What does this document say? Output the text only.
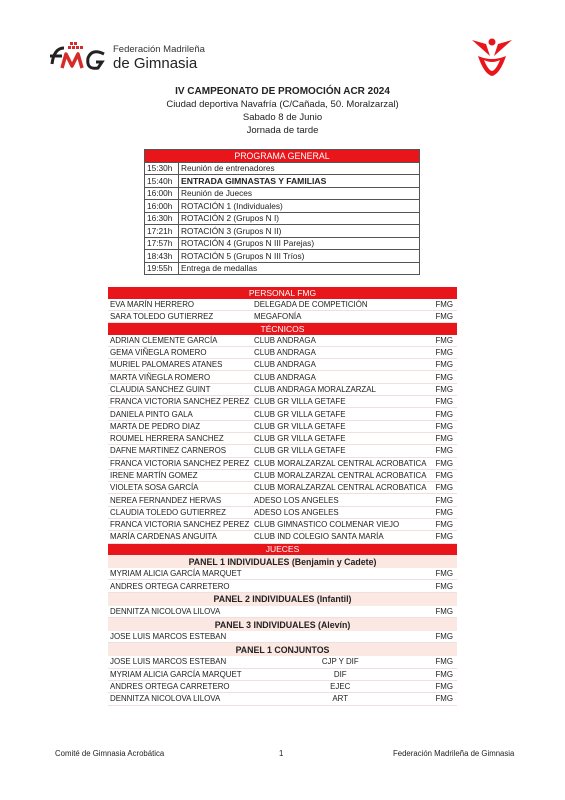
Federación Madrileña
de Gimnasia
IV CAMPEONATO DE PROMOCIÓN ACR 2024
Ciudad deportiva Navafría (C/Cañada, 50. Moralzarzal)
Sabado 8 de Junio
Jornada de tarde
PROGRAMA GENERAL	
15:30h	Reunión de entrenadores
15:40h	ENTRADA GIMNASTAS Y FAMILIAS
16:00h	Reunión de Jueces
16:00h	ROTACIÓN 1 (Individuales)
16:30h	ROTACIÓN 2 (Grupos N I)
17:21h	ROTACIÓN 3 (Grupos N II)
17:57h	ROTACIÓN 4 (Grupos N III Parejas)
18:43h	ROTACIÓN 5 (Grupos N III Tríos)
19:55h	Entrega de medallas
PERSONAL FMG		
EVA MARÍN HERRERO	DELEGADA DE COMPETICIÓN	FMG
SARA TOLEDO GUTIERREZ	MEGAFONÍA	FMG
TÉCNICOS		
ADRIAN CLEMENTE GARCÍA	CLUB ANDRAGA	FMG
GEMA VIÑEGLA ROMERO	CLUB ANDRAGA	FMG
MURIEL PALOMARES ATANES	CLUB ANDRAGA	FMG
MARTA VIÑEGLA ROMERO	CLUB ANDRAGA	FMG
CLAUDIA SANCHEZ GUINT	CLUB ANDRAGA MORALZARZAL	FMG
FRANCA VICTORIA SANCHEZ PEREZ	CLUB GR VILLA GETAFE	FMG
DANIELA PINTO GALA	CLUB GR VILLA GETAFE	FMG
MARTA DE PEDRO DIAZ	CLUB GR VILLA GETAFE	FMG
ROUMEL HERRERA SANCHEZ	CLUB GR VILLA GETAFE	FMG
DAFNE MARTINEZ CARNEROS	CLUB GR VILLA GETAFE	FMG
FRANCA VICTORIA SANCHEZ PEREZ	CLUB MORALZARZAL CENTRAL ACROBATICA	FMG
IRENE MARTÍN GOMEZ	CLUB MORALZARZAL CENTRAL ACROBATICA	FMG
VIOLETA SOSA GARCÍA	CLUB MORALZARZAL CENTRAL ACROBATICA	FMG
NEREA FERNANDEZ HERVAS	ADESO LOS ANGELES	FMG
CLAUDIA TOLEDO GUTIERREZ	ADESO LOS ANGELES	FMG
FRANCA VICTORIA SANCHEZ PEREZ	CLUB GIMNASTICO COLMENAR VIEJO	FMG
MARÍA CARDENAS ANGUITA	CLUB IND COLEGIO SANTA MARÍA	FMG
JUECES		
PANEL 1 INDIVIDUALES (Benjamin y Cadete)		
MYRIAM ALICIA GARCÍA MARQUET		FMG
ANDRES ORTEGA CARRETERO		FMG
PANEL 2 INDIVIDUALES (Infantil)		
DENNITZA NICOLOVA LILOVA		FMG
PANEL 3 INDIVIDUALES (Alevín)		
JOSE LUIS MARCOS ESTEBAN		FMG
PANEL 1 CONJUNTOS		
JOSE LUIS MARCOS ESTEBAN	CJP Y DIF	FMG
MYRIAM ALICIA GARCÍA MARQUET	DIF	FMG
ANDRES ORTEGA CARRETERO	EJEC	FMG
DENNITZA NICOLOVA LILOVA	ART	FMG
Comité de Gimnasia Acrobática	1	Federación Madrileña de Gimnasia
